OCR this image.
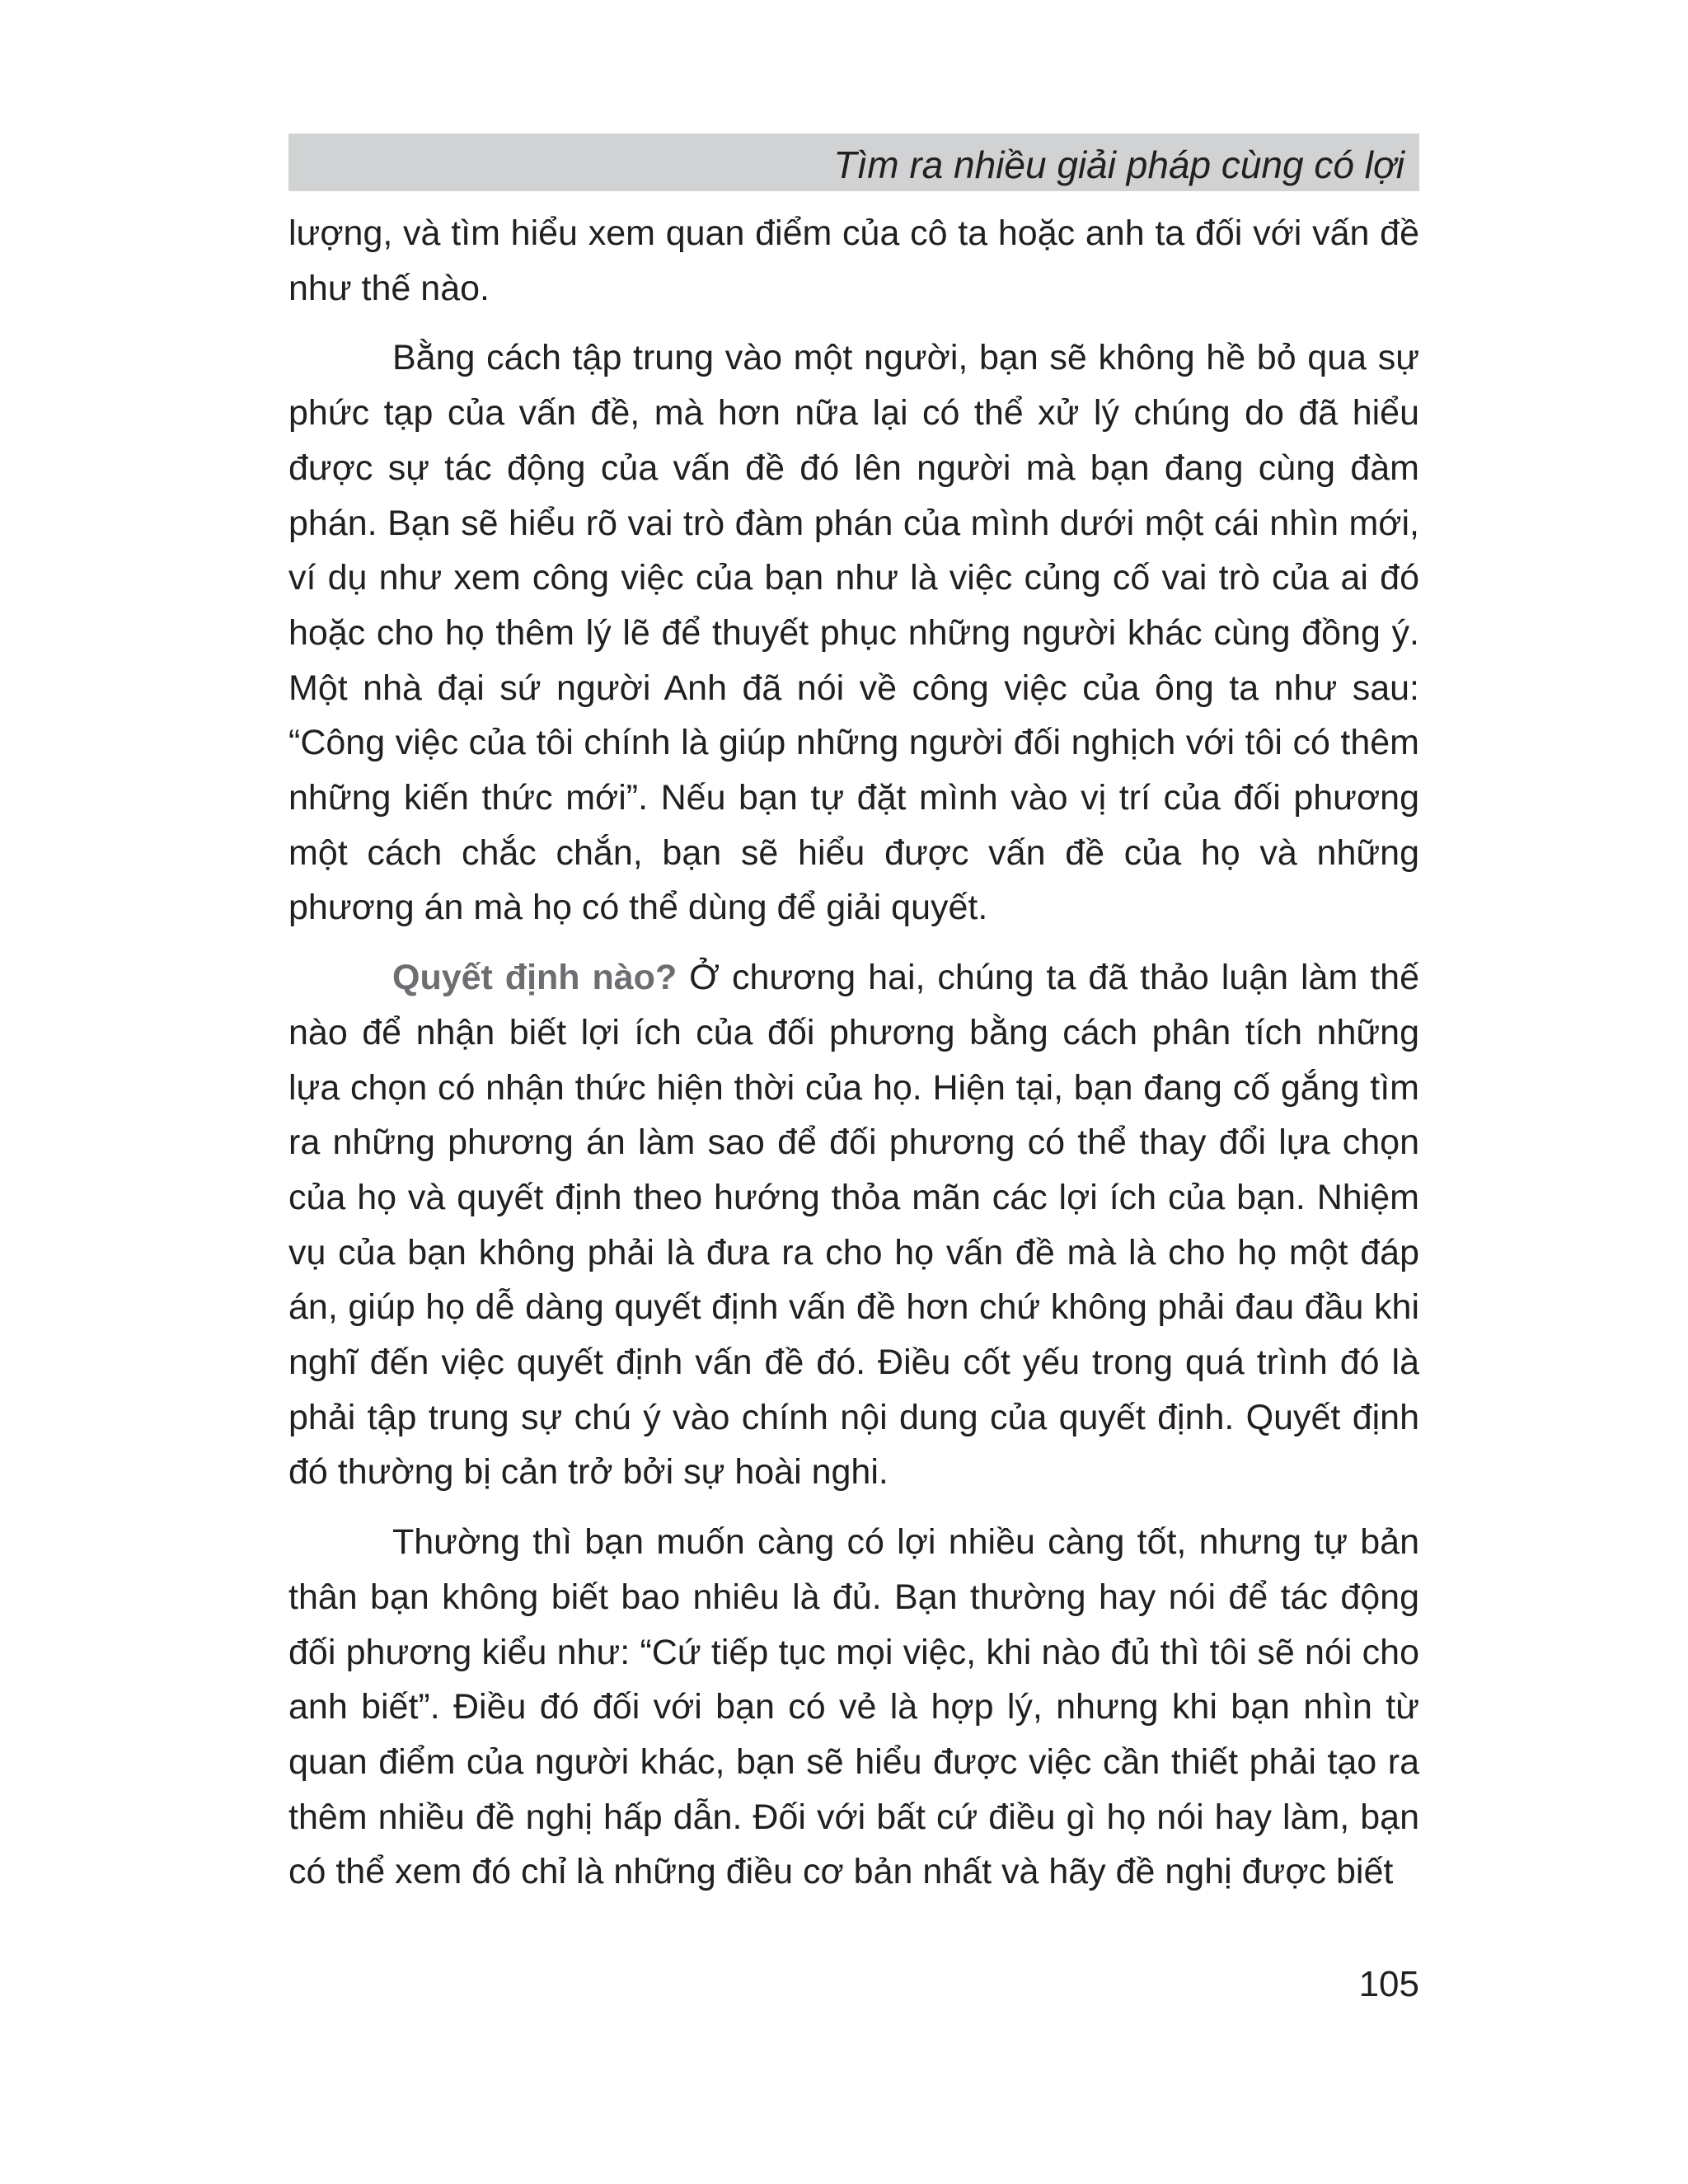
Tìm ra nhiều giải pháp cùng có lợi

lượng, và tìm hiểu xem quan điểm của cô ta hoặc anh ta đối với vấn đề như thế nào.

Bằng cách tập trung vào một người, bạn sẽ không hề bỏ qua sự phức tạp của vấn đề, mà hơn nữa lại có thể xử lý chúng do đã hiểu được sự tác động của vấn đề đó lên người mà bạn đang cùng đàm phán. Bạn sẽ hiểu rõ vai trò đàm phán của mình dưới một cái nhìn mới, ví dụ như xem công việc của bạn như là việc củng cố vai trò của ai đó hoặc cho họ thêm lý lẽ để thuyết phục những người khác cùng đồng ý. Một nhà đại sứ người Anh đã nói về công việc của ông ta như sau: “Công việc của tôi chính là giúp những người đối nghịch với tôi có thêm những kiến thức mới”. Nếu bạn tự đặt mình vào vị trí của đối phương một cách chắc chắn, bạn sẽ hiểu được vấn đề của họ và những phương án mà họ có thể dùng để giải quyết.

Quyết định nào? Ở chương hai, chúng ta đã thảo luận làm thế nào để nhận biết lợi ích của đối phương bằng cách phân tích những lựa chọn có nhận thức hiện thời của họ. Hiện tại, bạn đang cố gắng tìm ra những phương án làm sao để đối phương có thể thay đổi lựa chọn của họ và quyết định theo hướng thỏa mãn các lợi ích của bạn. Nhiệm vụ của bạn không phải là đưa ra cho họ vấn đề mà là cho họ một đáp án, giúp họ dễ dàng quyết định vấn đề hơn chứ không phải đau đầu khi nghĩ đến việc quyết định vấn đề đó. Điều cốt yếu trong quá trình đó là phải tập trung sự chú ý vào chính nội dung của quyết định. Quyết định đó thường bị cản trở bởi sự hoài nghi.

Thường thì bạn muốn càng có lợi nhiều càng tốt, nhưng tự bản thân bạn không biết bao nhiêu là đủ. Bạn thường hay nói để tác động đối phương kiểu như: “Cứ tiếp tục mọi việc, khi nào đủ thì tôi sẽ nói cho anh biết”. Điều đó đối với bạn có vẻ là hợp lý, nhưng khi bạn nhìn từ quan điểm của người khác, bạn sẽ hiểu được việc cần thiết phải tạo ra thêm nhiều đề nghị hấp dẫn. Đối với bất cứ điều gì họ nói hay làm, bạn có thể xem đó chỉ là những điều cơ bản nhất và hãy đề nghị được biết

105
